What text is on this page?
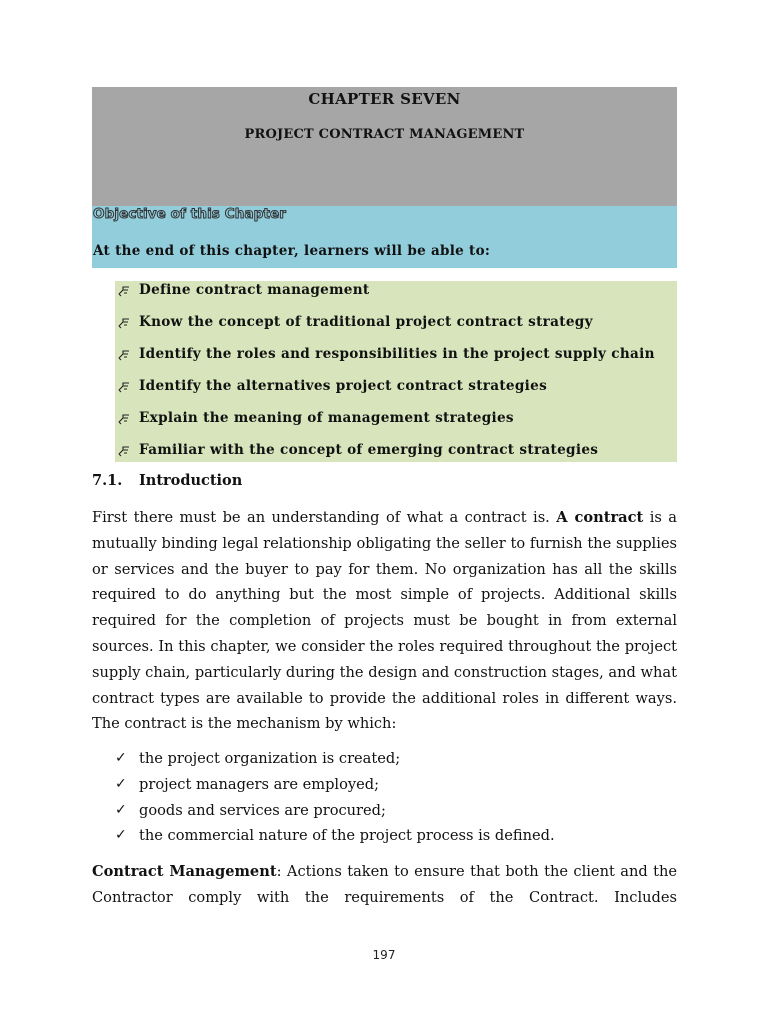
CHAPTER SEVEN
PROJECT CONTRACT MANAGEMENT
Objective of this Chapter
At the end of this chapter, learners will be able to:
Define contract management
Know the concept of traditional project contract strategy
Identify the roles and responsibilities in the project supply chain
Identify the alternatives project contract strategies
Explain the meaning of management strategies
Familiar with the concept of emerging contract strategies
7.1.	Introduction

First there must be an understanding of what a contract is. A contract is a mutually binding legal relationship obligating the seller to furnish the supplies or services and the buyer to pay for them. No organization has all the skills required to do anything but the most simple of projects. Additional skills required for the completion of projects must be bought in from external sources. In this chapter, we consider the roles required throughout the project supply chain, particularly during the design and construction stages, and what contract types are available to provide the additional roles in different ways. The contract is the mechanism by which:

✓ the project organization is created;
✓ project managers are employed;
✓ goods and services are procured;
✓ the commercial nature of the project process is defined.

Contract Management: Actions taken to ensure that both the client and the Contractor comply with the requirements of the Contract. Includes

197
